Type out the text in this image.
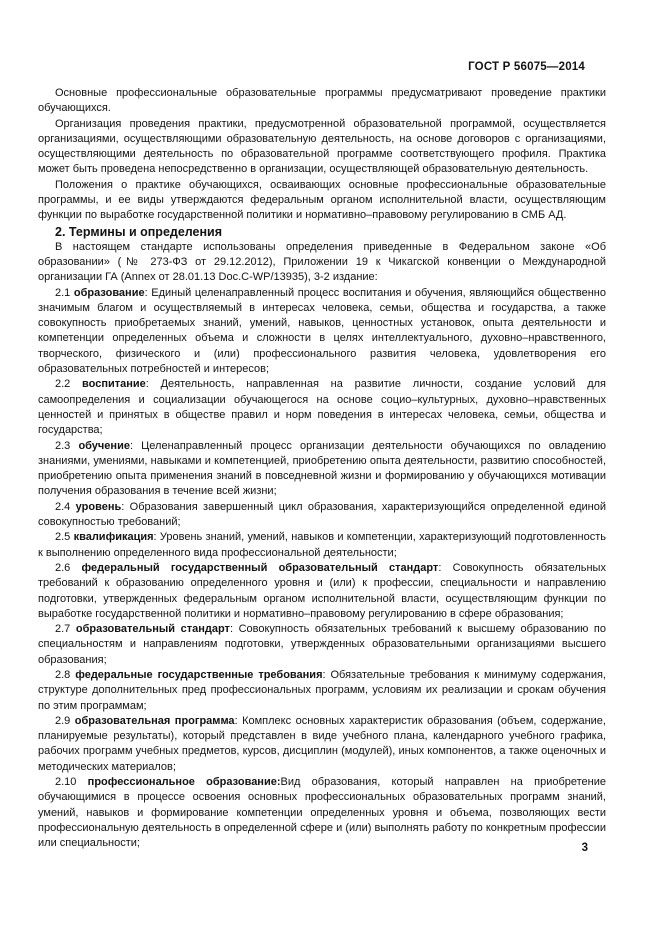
ГОСТ Р 56075—2014

Основные профессиональные образовательные программы предусматривают проведение практики обучающихся.

Организация проведения практики, предусмотренной образовательной программой, осуществляется организациями, осуществляющими образовательную деятельность, на основе договоров с организациями, осуществляющими деятельность по образовательной программе соответствующего профиля. Практика может быть проведена непосредственно в организации, осуществляющей образовательную деятельность.

Положения о практике обучающихся, осваивающих основные профессиональные образовательные программы, и ее виды утверждаются федеральным органом исполнительной власти, осуществляющим функции по выработке государственной политики и нормативно–правовому регулированию в СМБ АД.

2. Термины и определения

В настоящем стандарте использованы определения приведенные в Федеральном законе «Об образовании» (№ 273-ФЗ от 29.12.2012), Приложении 19 к Чикагской конвенции о Международной организации ГА (Annex от 28.01.13 Doc.C-WP/13935), 3-2 издание:

2.1 образование: Единый целенаправленный процесс воспитания и обучения, являющийся общественно значимым благом и осуществляемый в интересах человека, семьи, общества и государства, а также совокупность приобретаемых знаний, умений, навыков, ценностных установок, опыта деятельности и компетенции определенных объема и сложности в целях интеллектуального, духовно–нравственного, творческого, физического и (или) профессионального развития человека, удовлетворения его образовательных потребностей и интересов;

2.2 воспитание: Деятельность, направленная на развитие личности, создание условий для самоопределения и социализации обучающегося на основе социо–культурных, духовно–нравственных ценностей и принятых в обществе правил и норм поведения в интересах человека, семьи, общества и государства;

2.3 обучение: Целенаправленный процесс организации деятельности обучающихся по овладению знаниями, умениями, навыками и компетенцией, приобретению опыта деятельности, развитию способностей, приобретению опыта применения знаний в повседневной жизни и формированию у обучающихся мотивации получения образования в течение всей жизни;

2.4 уровень: Образования завершенный цикл образования, характеризующийся определенной единой совокупностью требований;

2.5 квалификация: Уровень знаний, умений, навыков и компетенции, характеризующий подготовленность к выполнению определенного вида профессиональной деятельности;

2.6 федеральный государственный образовательный стандарт: Совокупность обязательных требований к образованию определенного уровня и (или) к профессии, специальности и направлению подготовки, утвержденных федеральным органом исполнительной власти, осуществляющим функции по выработке государственной политики и нормативно–правовому регулированию в сфере образования;

2.7 образовательный стандарт: Совокупность обязательных требований к высшему образованию по специальностям и направлениям подготовки, утвержденных образовательными организациями высшего образования;

2.8 федеральные государственные требования: Обязательные требования к минимуму содержания, структуре дополнительных пред профессиональных программ, условиям их реализации и срокам обучения по этим программам;

2.9 образовательная программа: Комплекс основных характеристик образования (объем, содержание, планируемые результаты), который представлен в виде учебного плана, календарного учебного графика, рабочих программ учебных предметов, курсов, дисциплин (модулей), иных компонентов, а также оценочных и методических материалов;

2.10 профессиональное образование:Вид образования, который направлен на приобретение обучающимися в процессе освоения основных профессиональных образовательных программ знаний, умений, навыков и формирование компетенции определенных уровня и объема, позволяющих вести профессиональную деятельность в определенной сфере и (или) выполнять работу по конкретным профессии или специальности;	3
